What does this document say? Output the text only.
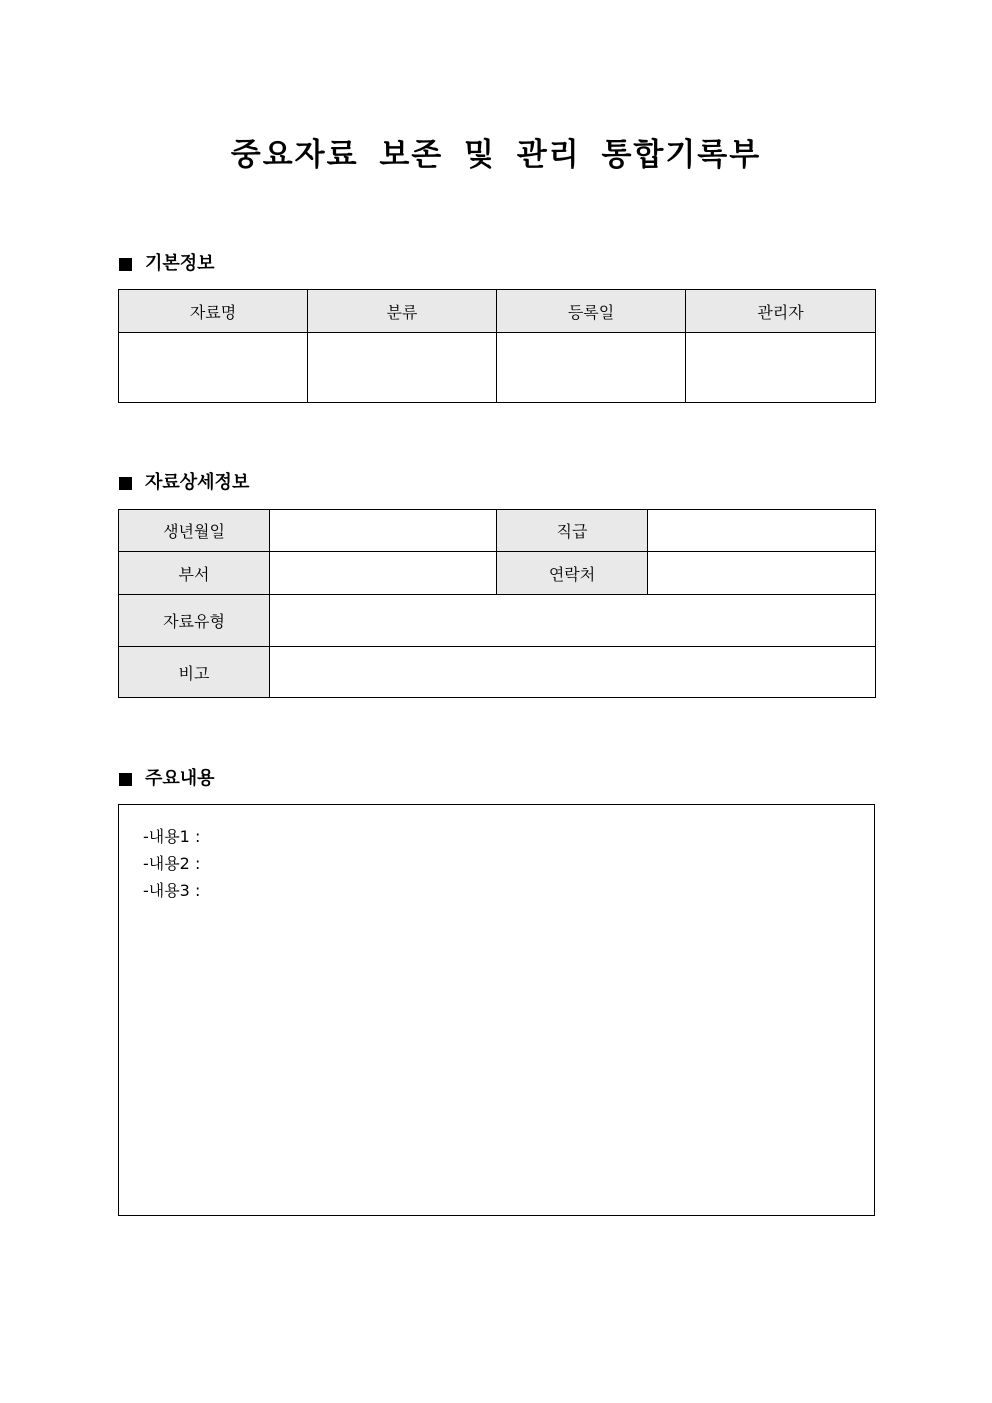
중요자료 보존 및 관리 통합기록부
기본정보
자료명	분류	등록일	관리자

자료상세정보
생년월일		직급	
부서		연락처	
자료유형			
비고			
주요내용
-내용1 :
-내용2 :
-내용3 :
